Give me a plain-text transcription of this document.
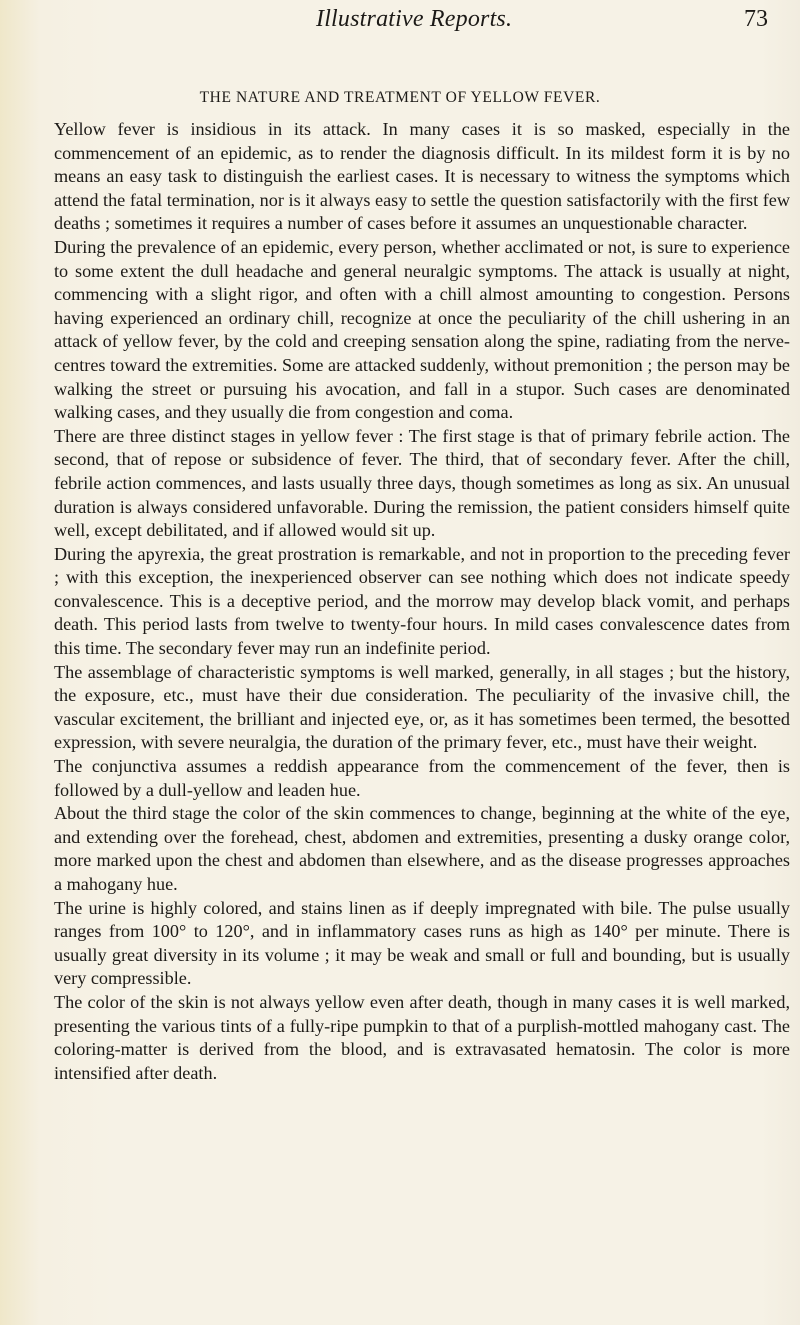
Illustrative Reports.	73
THE NATURE AND TREATMENT OF YELLOW FEVER.

Yellow fever is insidious in its attack. In many cases it is so masked, especially in the commencement of an epidemic, as to render the diagnosis difficult. In its mildest form it is by no means an easy task to distinguish the earliest cases. It is necessary to witness the symptoms which attend the fatal termination, nor is it always easy to settle the question satisfactorily with the first few deaths ; sometimes it requires a number of cases before it assumes an unquestionable character.

During the prevalence of an epidemic, every person, whether acclimated or not, is sure to experience to some extent the dull headache and general neuralgic symptoms. The attack is usually at night, commencing with a slight rigor, and often with a chill almost amounting to congestion. Persons having experienced an ordinary chill, recognize at once the peculiarity of the chill ushering in an attack of yellow fever, by the cold and creeping sensation along the spine, radiating from the nerve-centres toward the extremities. Some are attacked suddenly, without premonition ; the person may be walking the street or pursuing his avocation, and fall in a stupor. Such cases are denominated walking cases, and they usually die from congestion and coma.

There are three distinct stages in yellow fever : The first stage is that of primary febrile action. The second, that of repose or subsidence of fever. The third, that of secondary fever. After the chill, febrile action commences, and lasts usually three days, though sometimes as long as six. An unusual duration is always considered unfavorable. During the remission, the patient considers himself quite well, except debilitated, and if allowed would sit up.

During the apyrexia, the great prostration is remarkable, and not in proportion to the preceding fever ; with this exception, the inexperienced observer can see nothing which does not indicate speedy convalescence. This is a deceptive period, and the morrow may develop black vomit, and perhaps death. This period lasts from twelve to twenty-four hours. In mild cases convalescence dates from this time. The secondary fever may run an indefinite period.

The assemblage of characteristic symptoms is well marked, generally, in all stages ; but the history, the exposure, etc., must have their due consideration. The peculiarity of the invasive chill, the vascular excitement, the brilliant and injected eye, or, as it has sometimes been termed, the besotted expression, with severe neuralgia, the duration of the primary fever, etc., must have their weight.

The conjunctiva assumes a reddish appearance from the commencement of the fever, then is followed by a dull-yellow and leaden hue.

About the third stage the color of the skin commences to change, beginning at the white of the eye, and extending over the forehead, chest, abdomen and extremities, presenting a dusky orange color, more marked upon the chest and abdomen than elsewhere, and as the disease progresses approaches a mahogany hue.

The urine is highly colored, and stains linen as if deeply impregnated with bile. The pulse usually ranges from 100° to 120°, and in inflammatory cases runs as high as 140° per minute. There is usually great diversity in its volume ; it may be weak and small or full and bounding, but is usually very compressible.

The color of the skin is not always yellow even after death, though in many cases it is well marked, presenting the various tints of a fully-ripe pumpkin to that of a purplish-mottled mahogany cast. The coloring-matter is derived from the blood, and is extravasated hematosin. The color is more intensified after death.
